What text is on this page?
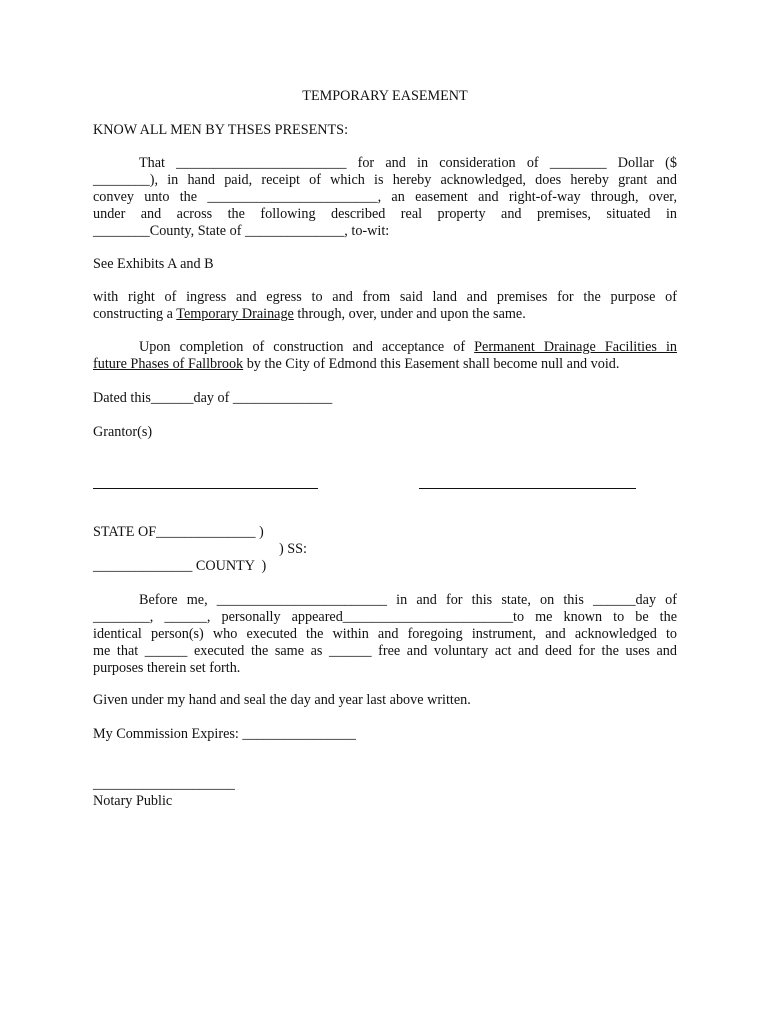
TEMPORARY EASEMENT
KNOW ALL MEN BY THSES PRESENTS:
That ________________________ for and in consideration of ________ Dollar ($
________), in hand paid, receipt of which is hereby acknowledged, does hereby grant and
convey unto the ________________________, an easement and right-of-way through, over,
under and across the following described real property and premises, situated in
________County, State of ______________, to-wit:
See Exhibits A and B
with right of ingress and egress to and from said land and premises for the purpose of
constructing a Temporary Drainage through, over, under and upon the same.
Upon completion of construction and acceptance of Permanent Drainage Facilities in
future Phases of Fallbrook by the City of Edmond this Easement shall become null and void.
Dated this______day of ______________
Grantor(s)
STATE OF______________ )
) SS:
______________ COUNTY  )
Before me, ________________________ in and for this state, on this ______day of
________, ______, personally appeared________________________to me known to be the
identical person(s) who executed the within and foregoing instrument, and acknowledged to
me that ______ executed the same as ______ free and voluntary act and deed for the uses and
purposes therein set forth.
Given under my hand and seal the day and year last above written.
My Commission Expires: ________________
____________________
Notary Public
